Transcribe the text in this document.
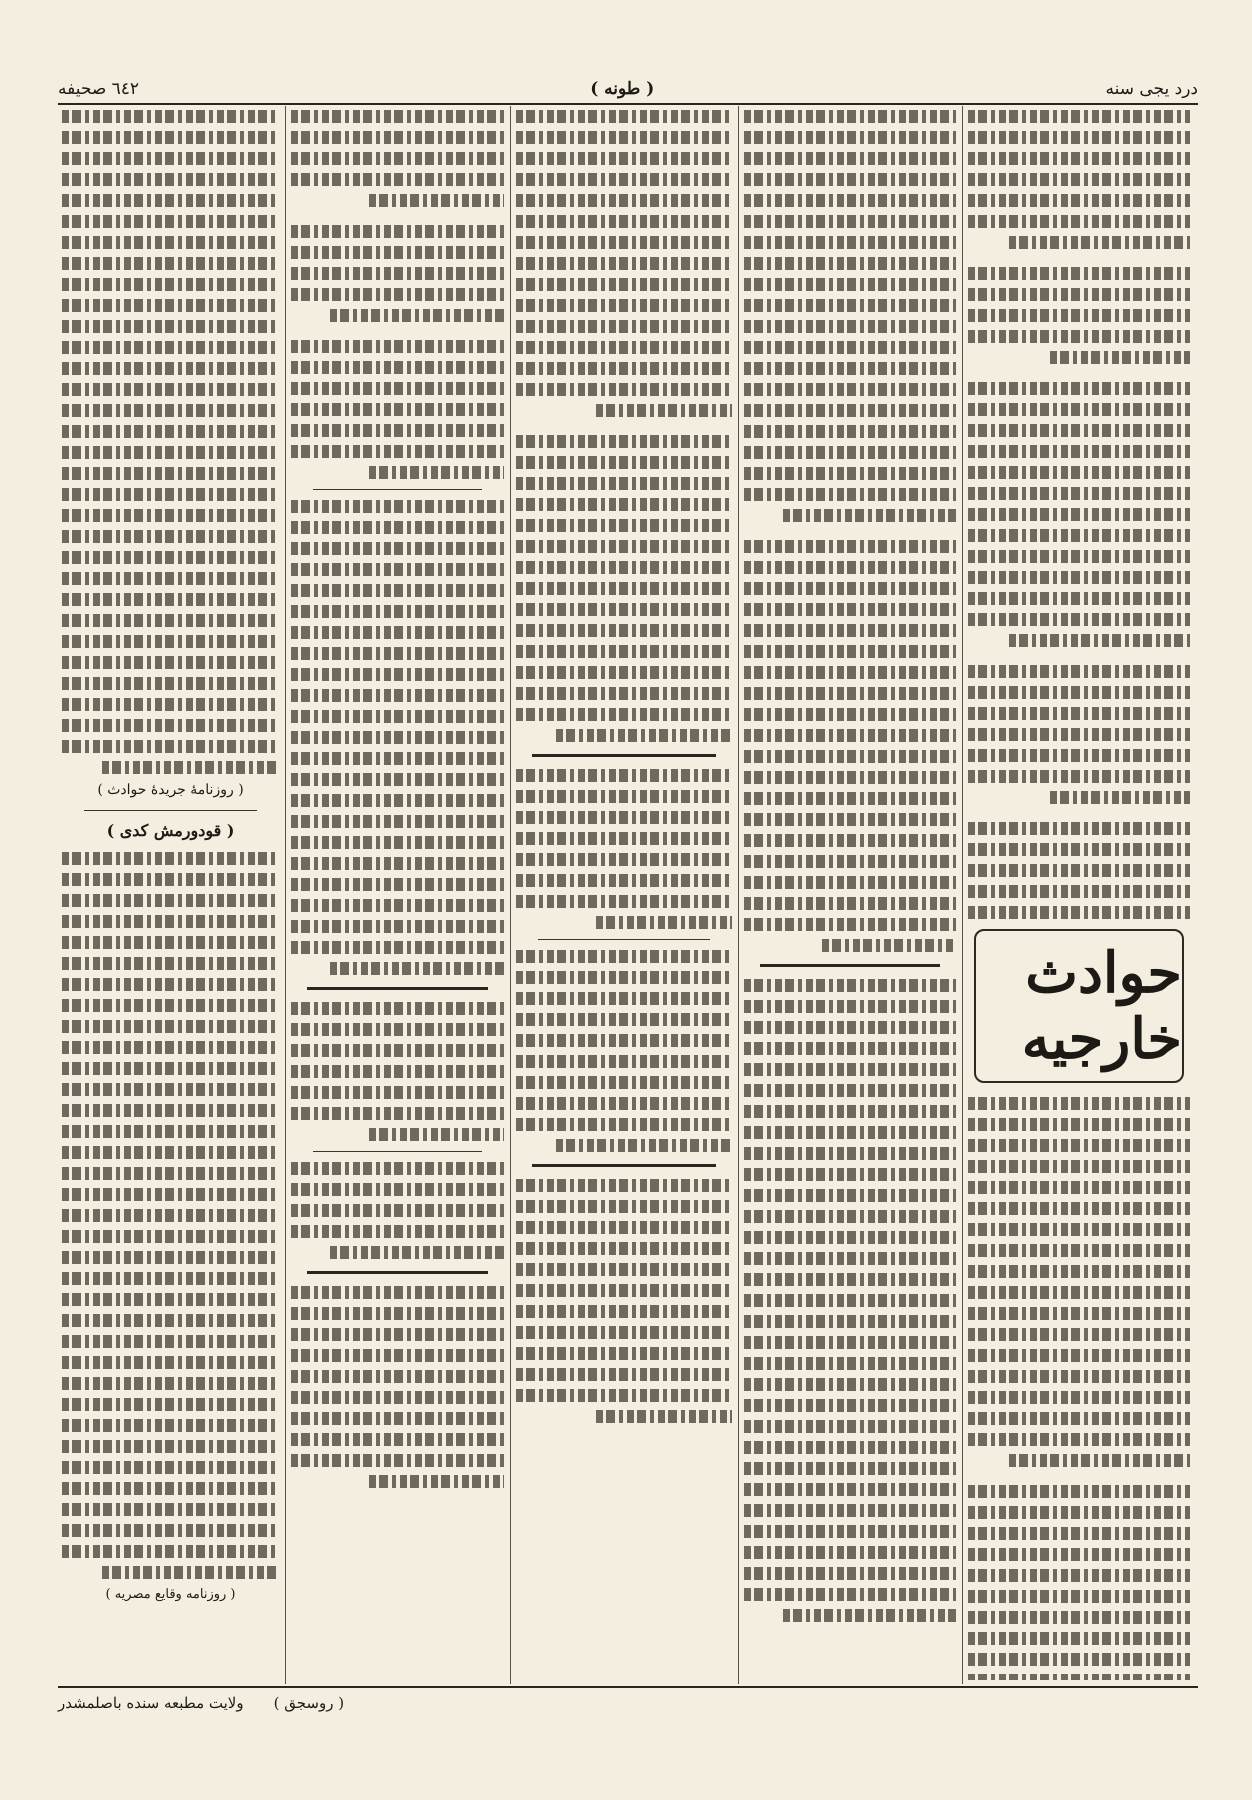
درد یجی سنه
( طونه )
٦٤٢ صحيفه
حوادث خارجیه
( روزنامهٔ جریدهٔ حوادث )
( قودورمش کدی )
( روزنامه وقایع مصریه )
( روسجق )
ولایت مطبعه سنده باصلمشدر
